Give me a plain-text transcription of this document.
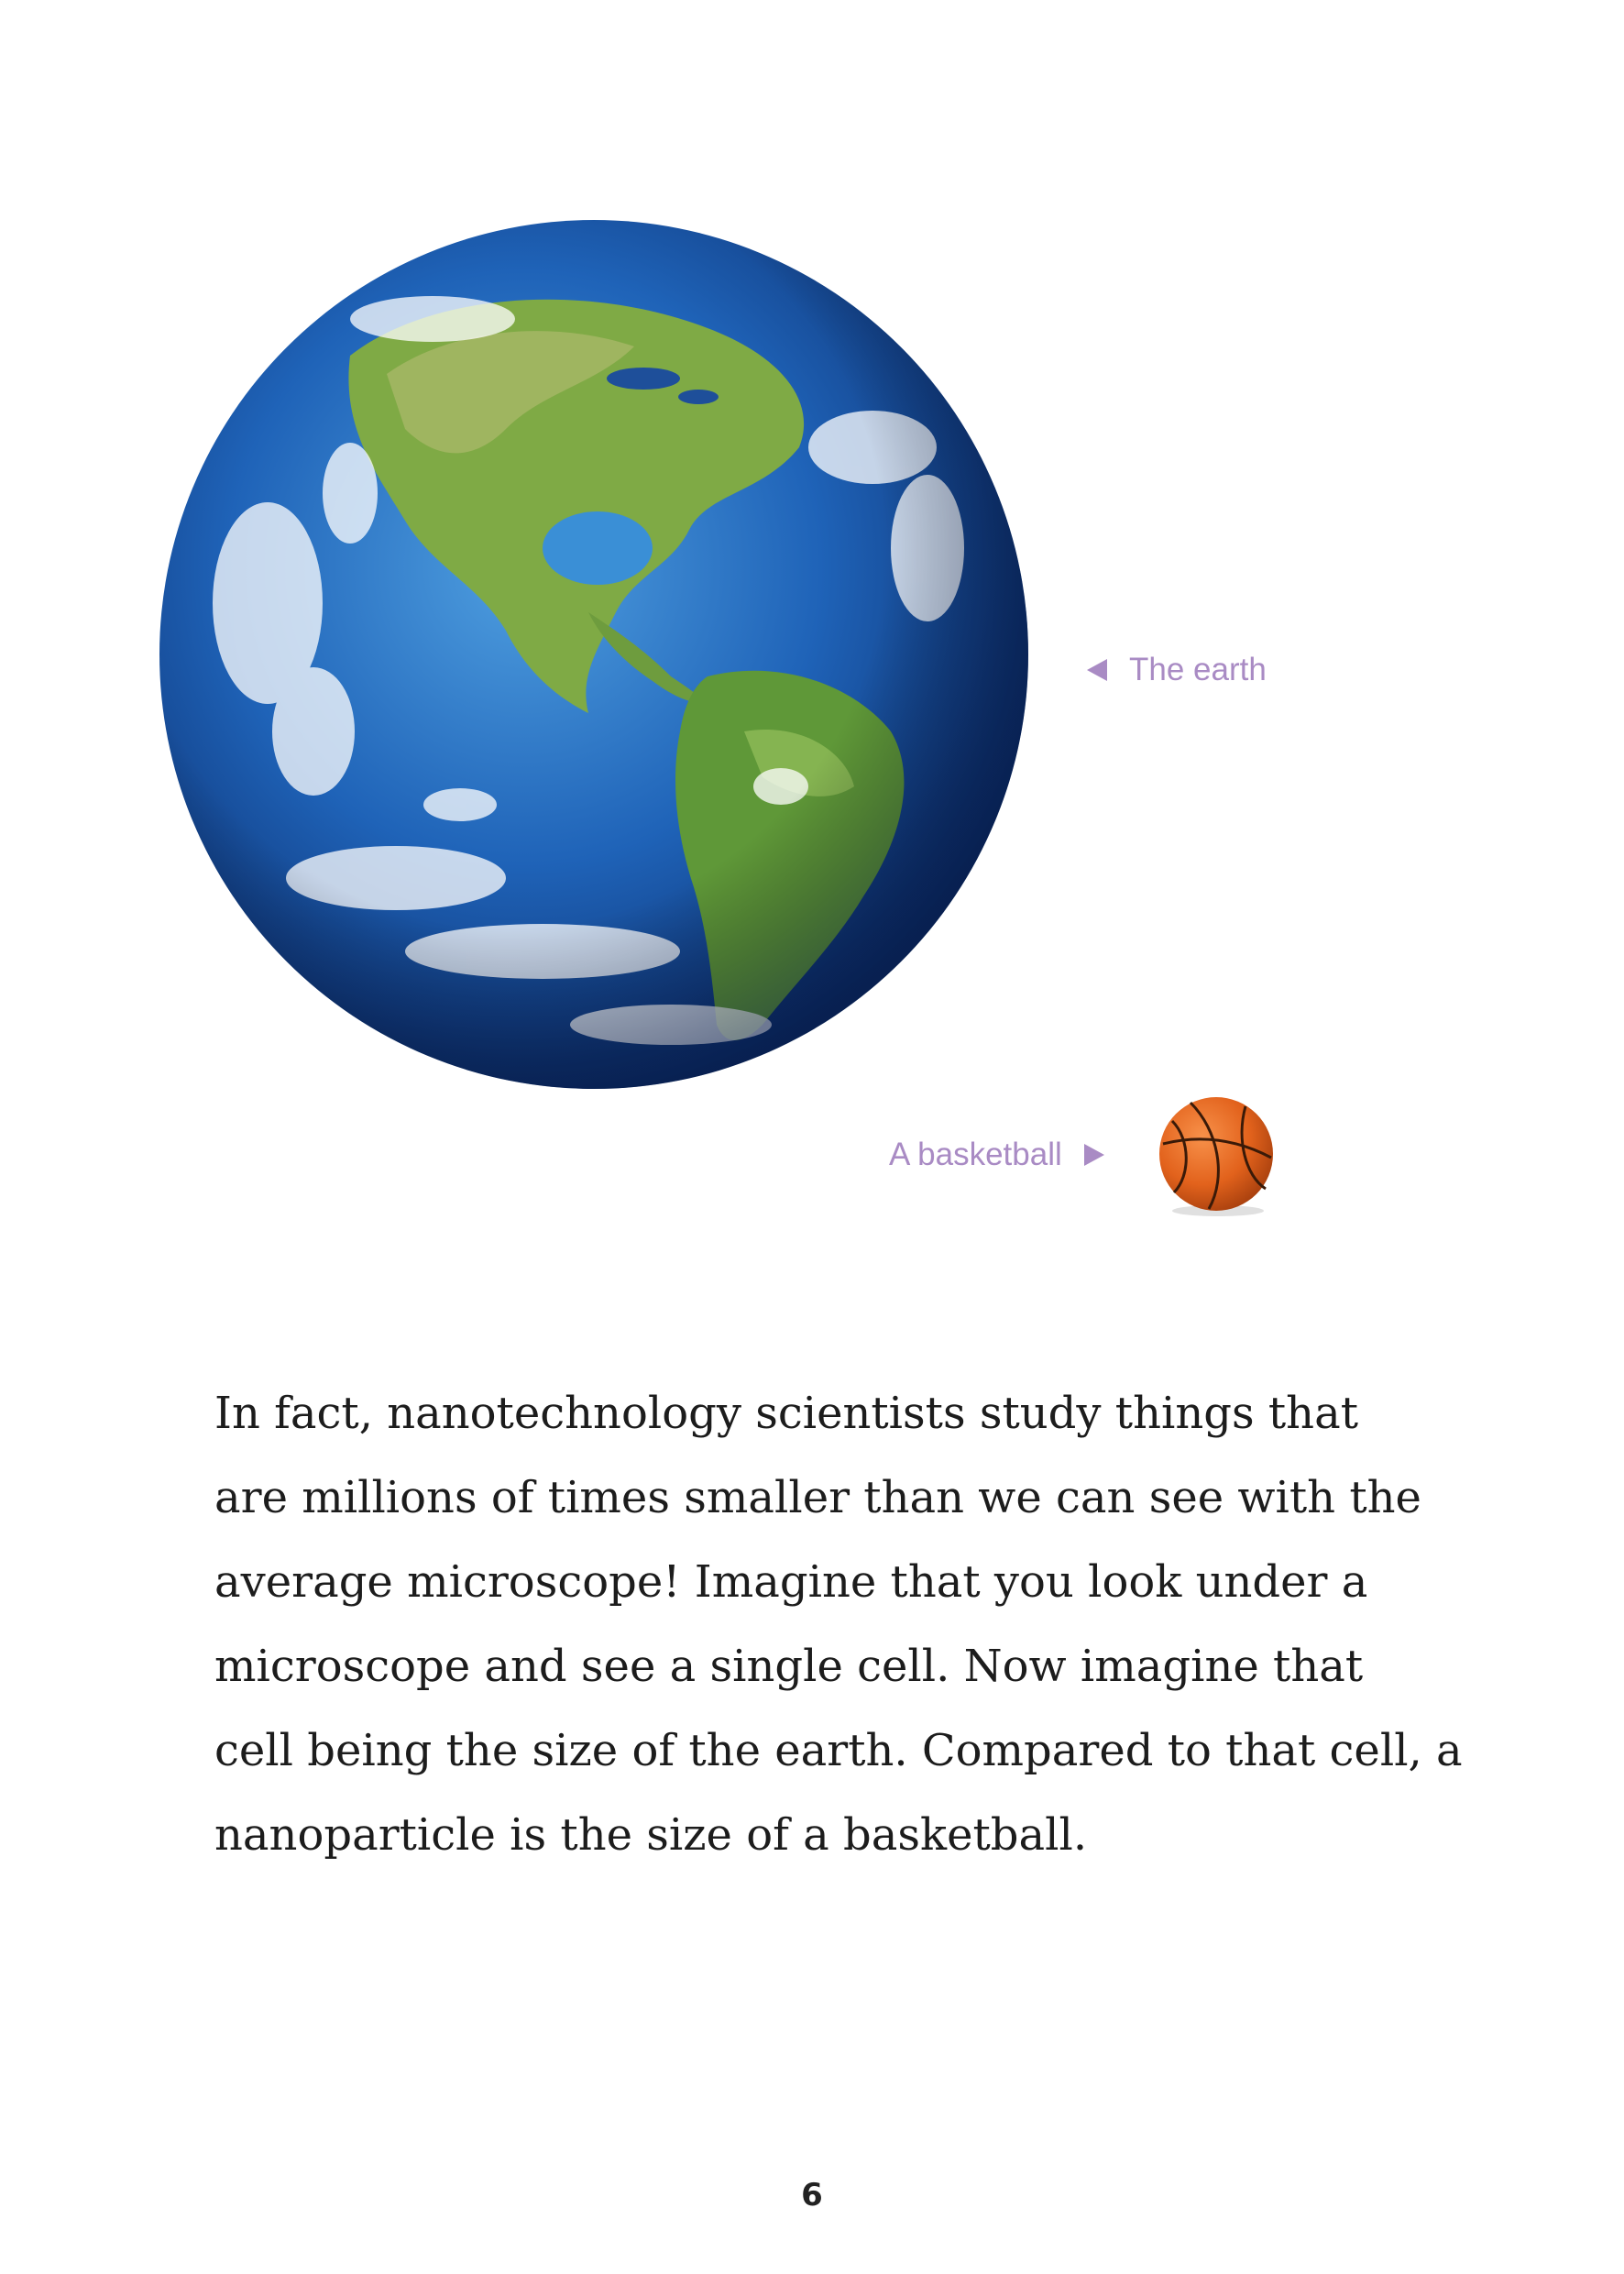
The earth
A basketball

In fact, nanotechnology scientists study things that
are millions of times smaller than we can see with the
average microscope! Imagine that you look under a
microscope and see a single cell. Now imagine that
cell being the size of the earth. Compared to that cell, a
nanoparticle is the size of a basketball.

6
